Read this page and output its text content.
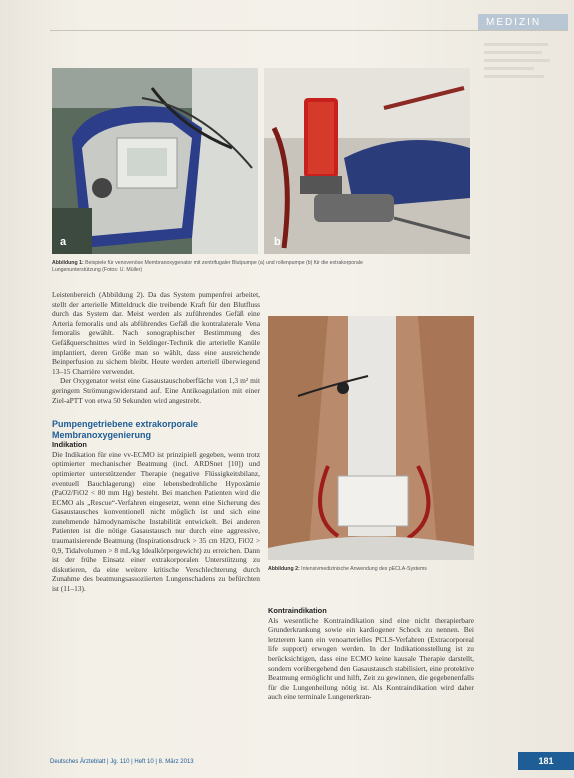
MEDIZIN
a	b
Abbildung 1: Beispiele für venovenöse Membranoxygenator mit zentrifugaler Blutpumpe (a) und rollenpumpe (b) für die extrakorporale Lungenunterstützung (Fotos: U. Müller)
Abbildung 2: Intensivmedizinische Anwendung des pECLA-Systems

Leistenbereich (Abbildung 2). Da das System pumpenfrei arbeitet, stellt der arterielle Mitteldruck die treibende Kraft für den Blutfluss durch das System dar. Meist werden als zuführendes Gefäß eine Arteria femoralis und als abführendes Gefäß die kontralaterale Vena femoralis gewählt. Nach sonographischer Bestimmung des Gefäßquerschnittes wird in Seldinger-Technik die arterielle Kanüle implantiert, deren Größe man so wählt, dass eine ausreichende Beinperfusion zu sichern bleibt. Heute werden arteriell überwiegend 13–15 Charrière verwendet.

Der Oxygenator weist eine Gasaustauschoberfläche von 1,3 m² mit geringem Strömungswiderstand auf. Eine Antikoagulation mit einer Ziel-aPTT von etwa 50 Sekunden wird angestrebt.

Pumpengetriebene extrakorporale
Membranoxygenierung
Indikation

Die Indikation für eine vv-ECMO ist prinzipiell gegeben, wenn trotz optimierter mechanischer Beatmung (incl. ARDSnet [10]) und optimierter unterstützender Therapie (negative Flüssigkeitsbilanz, eventuell Bauchlagerung) eine lebensbedrohliche Hypoxämie (PaO2/FiO2 < 80 mm Hg) besteht. Bei manchen Patienten wird die ECMO als „Rescue“-Verfahren eingesetzt, wenn eine Sicherung des Gasaustausches konventionell nicht möglich ist und sich eine zunehmende hämodynamische Instabilität entwickelt. Bei anderen Patienten ist die nötige Gasaustausch nur durch eine aggressive, traumatisierende Beatmung (Inspirationsdruck > 35 cm H2O, FiO2 > 0,9, Tidalvolumen > 8 mL/kg Idealkörpergewicht) zu erreichen. Dann ist der frühe Einsatz einer extrakorporalen Unterstützung zu diskutieren, da eine weitere kritische Verschlechterung durch Zunahme des beatmungsassoziierten Lungenschadens zu befürchten ist (11–13).

Kontraindikation

Als wesentliche Kontraindikation sind eine nicht therapierbare Grunderkrankung sowie ein kardiogener Schock zu nennen. Bei letzterem kann ein venoarterielles PCLS-Verfahren (Extracorporeal life support) erwogen werden. In der Indikationsstellung ist zu berücksichtigen, dass eine ECMO keine kausale Therapie darstellt, sondern vorübergehend den Gasaustausch stabilisiert, eine protektive Beatmung ermöglicht und hilft, Zeit zu gewinnen, die gegebenenfalls für die Lungenheilung nötig ist. Als Kontraindikation wird daher auch eine terminale Lungenerkran-

Deutsches Ärzteblatt | Jg. 110 | Heft 10 | 8. März 2013	181
